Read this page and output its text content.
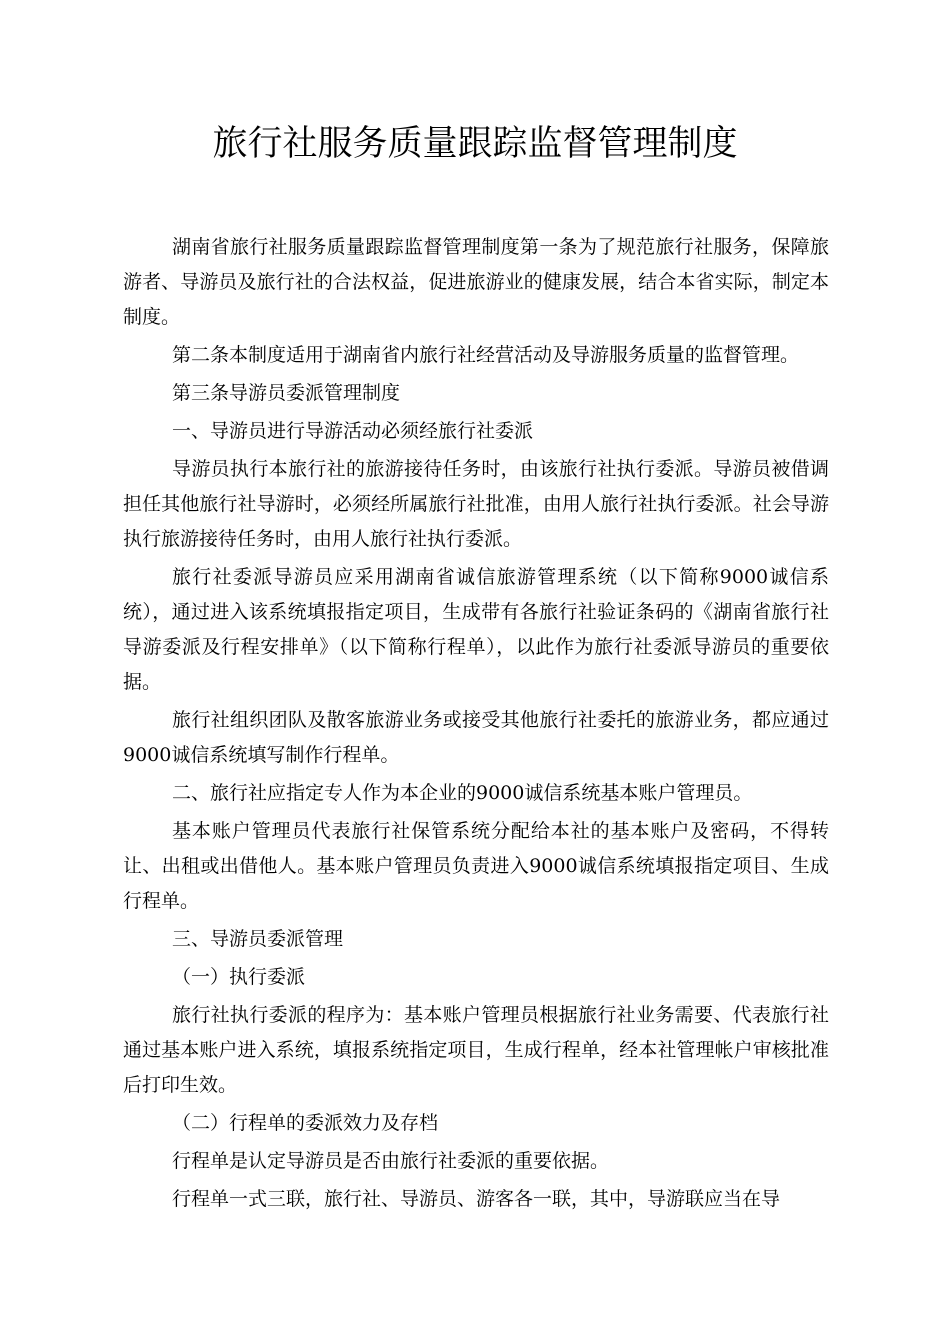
旅行社服务质量跟踪监督管理制度

湖南省旅行社服务质量跟踪监督管理制度第一条为了规范旅行社服务，保障旅游者、导游员及旅行社的合法权益，促进旅游业的健康发展，结合本省实际，制定本制度。

第二条本制度适用于湖南省内旅行社经营活动及导游服务质量的监督管理。

第三条导游员委派管理制度

一、导游员进行导游活动必须经旅行社委派

导游员执行本旅行社的旅游接待任务时，由该旅行社执行委派。导游员被借调担任其他旅行社导游时，必须经所属旅行社批准，由用人旅行社执行委派。社会导游执行旅游接待任务时，由用人旅行社执行委派。

旅行社委派导游员应采用湖南省诚信旅游管理系统（以下简称9000诚信系统），通过进入该系统填报指定项目，生成带有各旅行社验证条码的《湖南省旅行社导游委派及行程安排单》（以下简称行程单），以此作为旅行社委派导游员的重要依据。

旅行社组织团队及散客旅游业务或接受其他旅行社委托的旅游业务，都应通过9000诚信系统填写制作行程单。

二、旅行社应指定专人作为本企业的9000诚信系统基本账户管理员。

基本账户管理员代表旅行社保管系统分配给本社的基本账户及密码，不得转让、出租或出借他人。基本账户管理员负责进入9000诚信系统填报指定项目、生成行程单。

三、导游员委派管理

（一）执行委派

旅行社执行委派的程序为：基本账户管理员根据旅行社业务需要、代表旅行社通过基本账户进入系统，填报系统指定项目，生成行程单，经本社管理帐户审核批准后打印生效。

（二）行程单的委派效力及存档

行程单是认定导游员是否由旅行社委派的重要依据。

行程单一式三联，旅行社、导游员、游客各一联，其中，导游联应当在导
